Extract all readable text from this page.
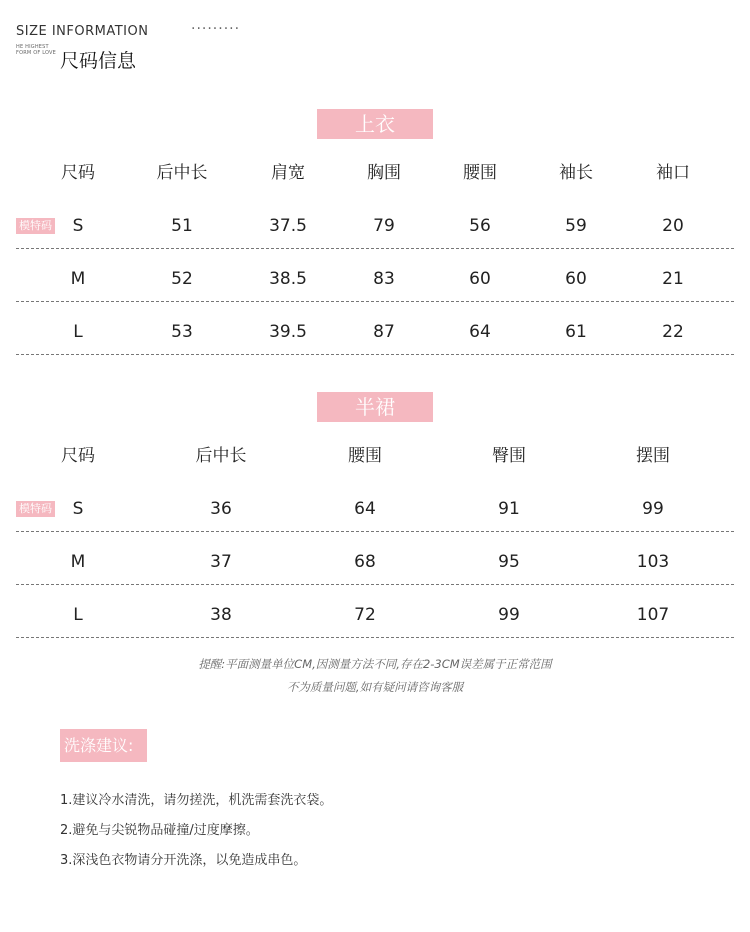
SIZE INFORMATION	·········
HE HIGHEST
FORM OF LOVE 尺码信息
上衣
尺码	后中长	肩宽	胸围	腰围	袖长	袖口
模特码 S	51	37.5	79	56	59	20
M	52	38.5	83	60	60	21
L	53	39.5	87	64	61	22
半裙
尺码	后中长	腰围	臀围	摆围
模特码 S	36	64	91	99
M	37	68	95	103
L	38	72	99	107
提醒:平面测量单位CM,因测量方法不同,存在2-3CM误差属于正常范围
不为质量问题,如有疑问请咨询客服
洗涤建议:
1.建议冷水清洗，请勿搓洗，机洗需套洗衣袋。
2.避免与尖锐物品碰撞/过度摩擦。
3.深浅色衣物请分开洗涤，以免造成串色。
